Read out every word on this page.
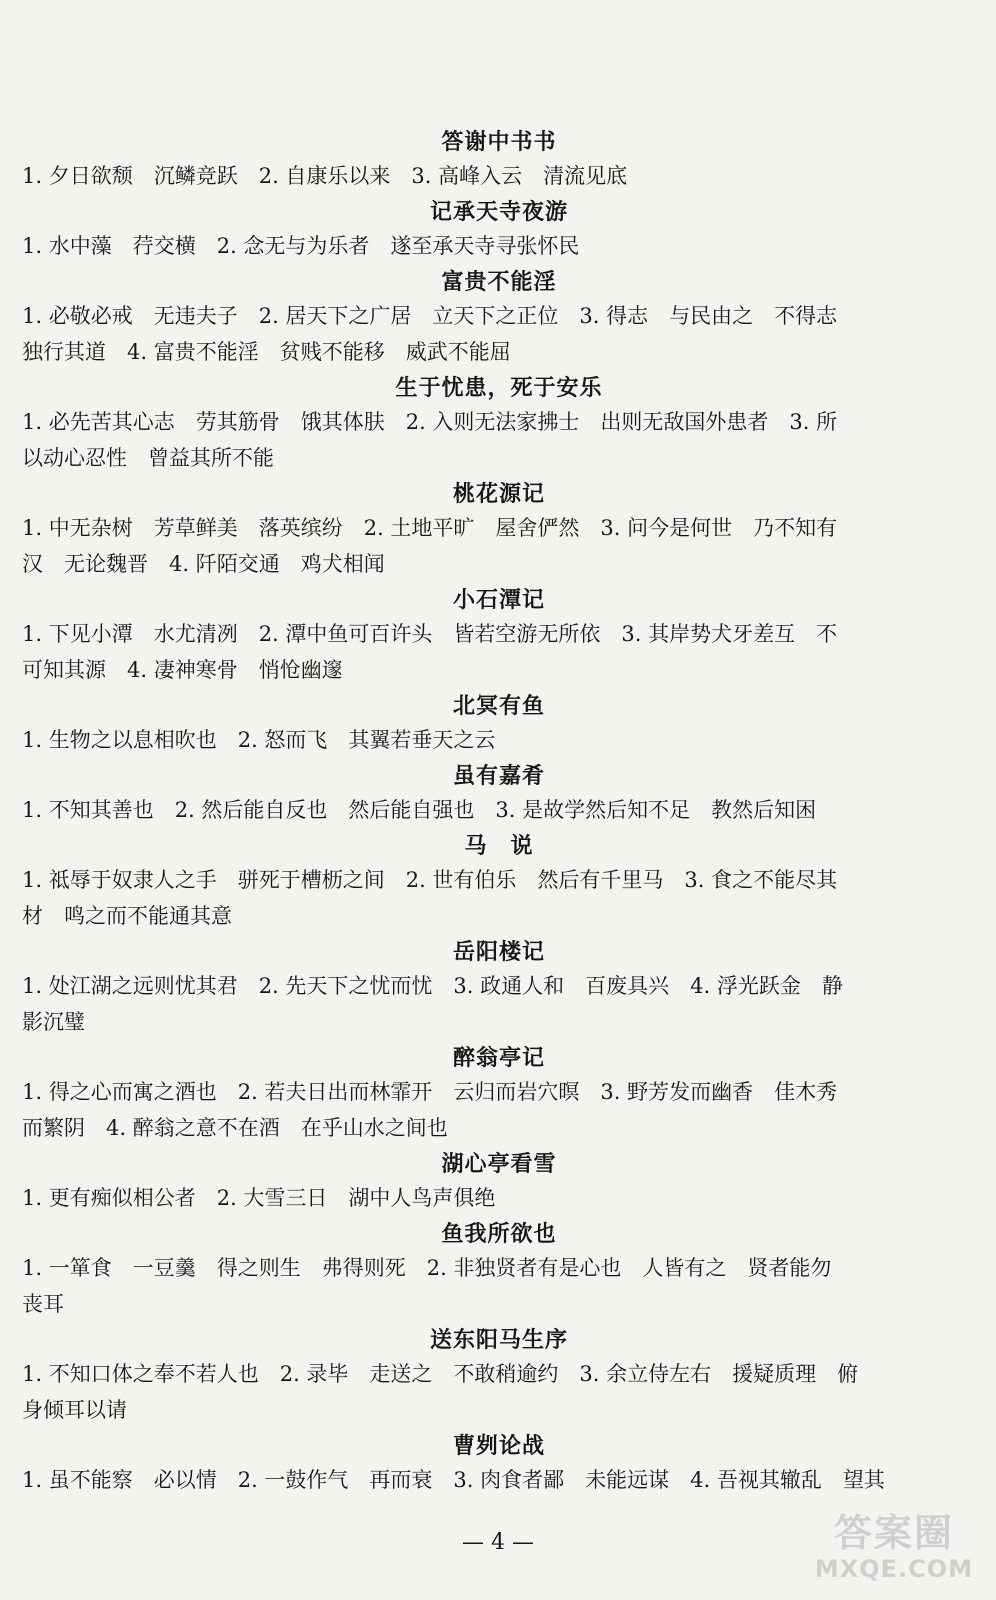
答谢中书书
1. 夕日欲颓　沉鳞竞跃　2. 自康乐以来　3. 高峰入云　清流见底
记承天寺夜游
1. 水中藻　荇交横　2. 念无与为乐者　遂至承天寺寻张怀民
富贵不能淫
1. 必敬必戒　无违夫子　2. 居天下之广居　立天下之正位　3. 得志　与民由之　不得志
独行其道　4. 富贵不能淫　贫贱不能移　威武不能屈
生于忧患，死于安乐
1. 必先苦其心志　劳其筋骨　饿其体肤　2. 入则无法家拂士　出则无敌国外患者　3. 所
以动心忍性　曾益其所不能
桃花源记
1. 中无杂树　芳草鲜美　落英缤纷　2. 土地平旷　屋舍俨然　3. 问今是何世　乃不知有
汉　无论魏晋　4. 阡陌交通　鸡犬相闻
小石潭记
1. 下见小潭　水尤清冽　2. 潭中鱼可百许头　皆若空游无所依　3. 其岸势犬牙差互　不
可知其源　4. 凄神寒骨　悄怆幽邃
北冥有鱼
1. 生物之以息相吹也　2. 怒而飞　其翼若垂天之云
虽有嘉肴
1. 不知其善也　2. 然后能自反也　然后能自强也　3. 是故学然后知不足　教然后知困
马　说
1. 祗辱于奴隶人之手　骈死于槽枥之间　2. 世有伯乐　然后有千里马　3. 食之不能尽其
材　鸣之而不能通其意
岳阳楼记
1. 处江湖之远则忧其君　2. 先天下之忧而忧　3. 政通人和　百废具兴　4. 浮光跃金　静
影沉璧
醉翁亭记
1. 得之心而寓之酒也　2. 若夫日出而林霏开　云归而岩穴暝　3. 野芳发而幽香　佳木秀
而繁阴　4. 醉翁之意不在酒　在乎山水之间也
湖心亭看雪
1. 更有痴似相公者　2. 大雪三日　湖中人鸟声俱绝
鱼我所欲也
1. 一箪食　一豆羹　得之则生　弗得则死　2. 非独贤者有是心也　人皆有之　贤者能勿
丧耳
送东阳马生序
1. 不知口体之奉不若人也　2. 录毕　走送之　不敢稍逾约　3. 余立侍左右　援疑质理　俯
身倾耳以请
曹刿论战
1. 虽不能察　必以情　2. 一鼓作气　再而衰　3. 肉食者鄙　未能远谋　4. 吾视其辙乱　望其
— 4 —	答案圈
MXQE.COM
